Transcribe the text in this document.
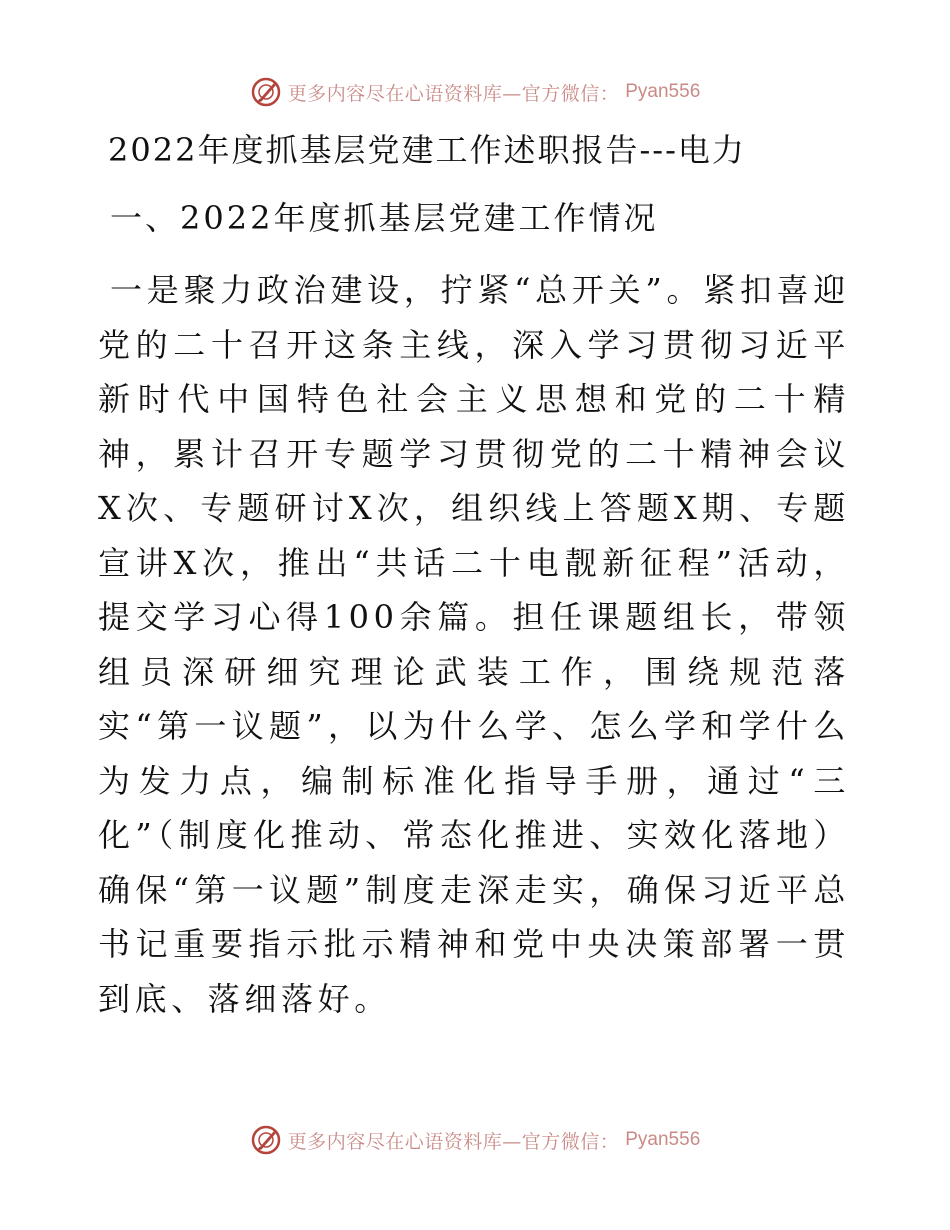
更多内容尽在心语资料库—官方微信： Pyan556
2022年度抓基层党建工作述职报告---电力
一、2022年度抓基层党建工作情况

一是聚力政治建设，拧紧“总开关”。紧扣喜迎党的二十召开这条主线，深入学习贯彻习近平新时代中国特色社会主义思想和党的二十精神，累计召开专题学习贯彻党的二十精神会议X次、专题研讨X次，组织线上答题X期、专题宣讲X次，推出“共话二十电靓新征程”活动，提交学习心得100余篇。担任课题组长，带领组员深研细究理论武装工作，围绕规范落实“第一议题”，以为什么学、怎么学和学什么为发力点，编制标准化指导手册，通过“三化”（制度化推动、常态化推进、实效化落地）确保“第一议题”制度走深走实，确保习近平总书记重要指示批示精神和党中央决策部署一贯到底、落细落好。

更多内容尽在心语资料库—官方微信： Pyan556
